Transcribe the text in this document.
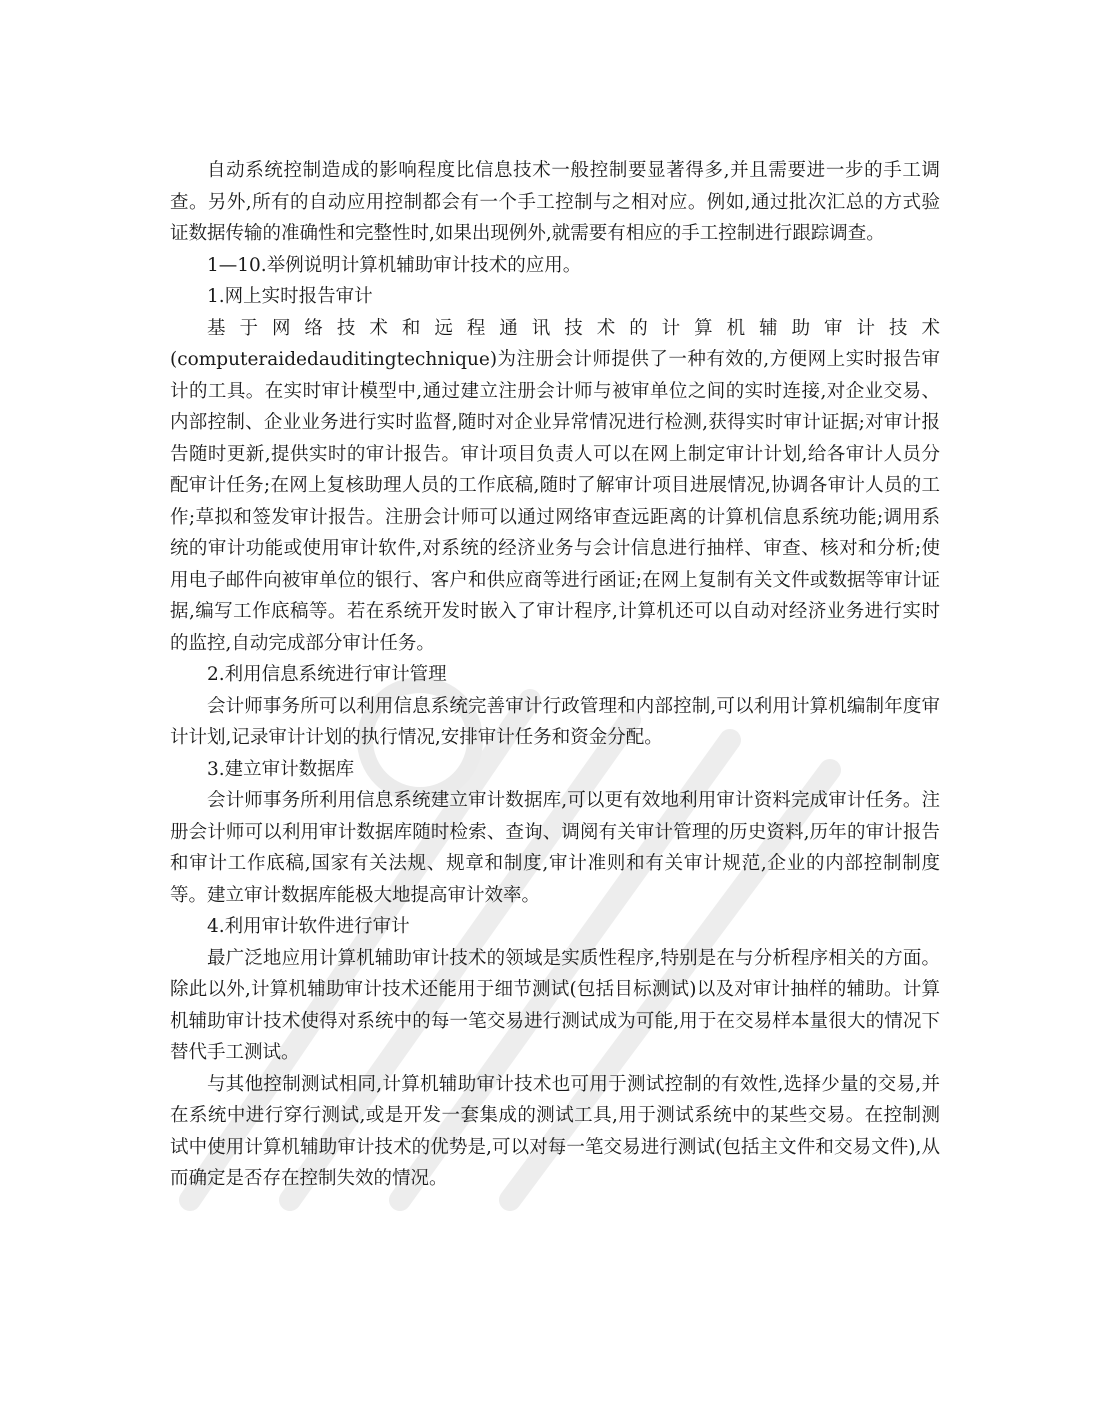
自动系统控制造成的影响程度比信息技术一般控制要显著得多,并且需要进一步的手工调查。另外,所有的自动应用控制都会有一个手工控制与之相对应。例如,通过批次汇总的方式验证数据传输的准确性和完整性时,如果出现例外,就需要有相应的手工控制进行跟踪调查。

1—10.举例说明计算机辅助审计技术的应用。

1.网上实时报告审计

基于网络技术和远程通讯技术的计算机辅助审计技术(computeraidedauditingtechnique)为注册会计师提供了一种有效的,方便网上实时报告审计的工具。在实时审计模型中,通过建立注册会计师与被审单位之间的实时连接,对企业交易、内部控制、企业业务进行实时监督,随时对企业异常情况进行检测,获得实时审计证据;对审计报告随时更新,提供实时的审计报告。审计项目负责人可以在网上制定审计计划,给各审计人员分配审计任务;在网上复核助理人员的工作底稿,随时了解审计项目进展情况,协调各审计人员的工作;草拟和签发审计报告。注册会计师可以通过网络审查远距离的计算机信息系统功能;调用系统的审计功能或使用审计软件,对系统的经济业务与会计信息进行抽样、审查、核对和分析;使用电子邮件向被审单位的银行、客户和供应商等进行函证;在网上复制有关文件或数据等审计证据,编写工作底稿等。若在系统开发时嵌入了审计程序,计算机还可以自动对经济业务进行实时的监控,自动完成部分审计任务。

2.利用信息系统进行审计管理

会计师事务所可以利用信息系统完善审计行政管理和内部控制,可以利用计算机编制年度审计计划,记录审计计划的执行情况,安排审计任务和资金分配。

3.建立审计数据库

会计师事务所利用信息系统建立审计数据库,可以更有效地利用审计资料完成审计任务。注册会计师可以利用审计数据库随时检索、查询、调阅有关审计管理的历史资料,历年的审计报告和审计工作底稿,国家有关法规、规章和制度,审计准则和有关审计规范,企业的内部控制制度等。建立审计数据库能极大地提高审计效率。

4.利用审计软件进行审计

最广泛地应用计算机辅助审计技术的领域是实质性程序,特别是在与分析程序相关的方面。除此以外,计算机辅助审计技术还能用于细节测试(包括目标测试)以及对审计抽样的辅助。计算机辅助审计技术使得对系统中的每一笔交易进行测试成为可能,用于在交易样本量很大的情况下替代手工测试。

与其他控制测试相同,计算机辅助审计技术也可用于测试控制的有效性,选择少量的交易,并在系统中进行穿行测试,或是开发一套集成的测试工具,用于测试系统中的某些交易。在控制测试中使用计算机辅助审计技术的优势是,可以对每一笔交易进行测试(包括主文件和交易文件),从而确定是否存在控制失效的情况。
